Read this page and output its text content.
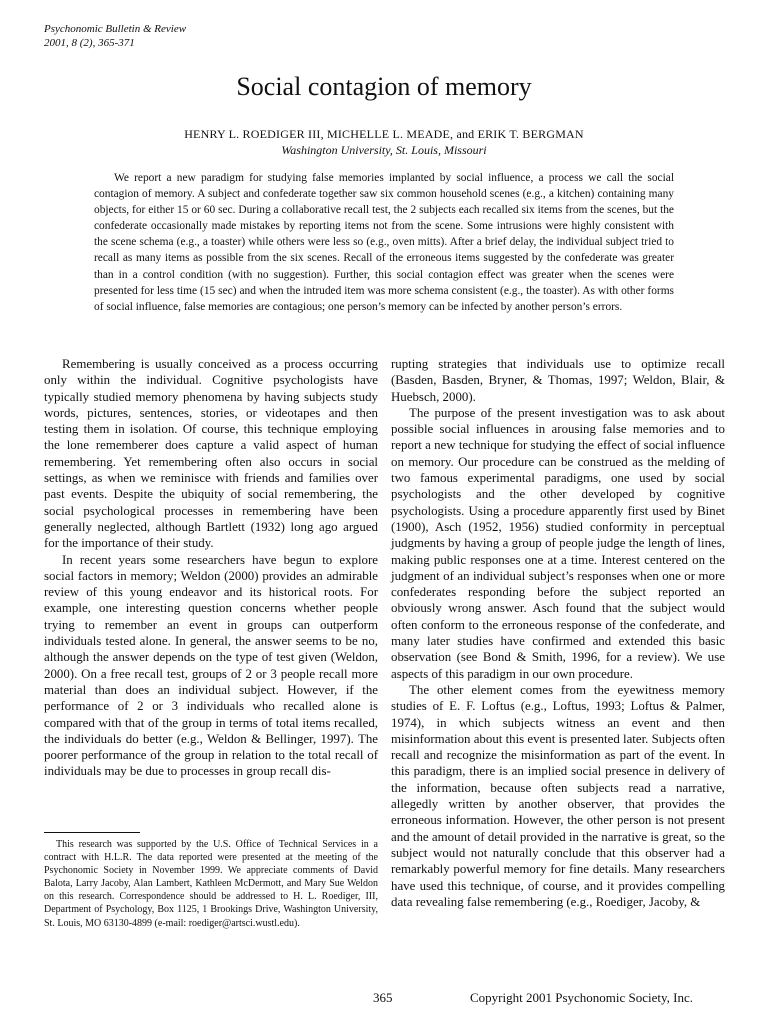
Psychonomic Bulletin & Review
2001, 8 (2), 365-371
Social contagion of memory
HENRY L. ROEDIGER III, MICHELLE L. MEADE, and ERIK T. BERGMAN
Washington University, St. Louis, Missouri
We report a new paradigm for studying false memories implanted by social influence, a process we call the social contagion of memory. A subject and confederate together saw six common household scenes (e.g., a kitchen) containing many objects, for either 15 or 60 sec. During a collaborative recall test, the 2 subjects each recalled six items from the scenes, but the confederate occasionally made mistakes by reporting items not from the scene. Some intrusions were highly consistent with the scene schema (e.g., a toaster) while others were less so (e.g., oven mitts). After a brief delay, the individual subject tried to recall as many items as possible from the six scenes. Recall of the erroneous items suggested by the confederate was greater than in a control condition (with no suggestion). Further, this social contagion effect was greater when the scenes were presented for less time (15 sec) and when the intruded item was more schema consistent (e.g., the toaster). As with other forms of social influence, false memories are contagious; one person’s memory can be infected by another person’s errors.

Remembering is usually conceived as a process occurring only within the individual. Cognitive psychologists have typically studied memory phenomena by having subjects study words, pictures, sentences, stories, or videotapes and then testing them in isolation. Of course, this technique employing the lone rememberer does capture a valid aspect of human remembering. Yet remembering often also occurs in social settings, as when we reminisce with friends and families over past events. Despite the ubiquity of social remembering, the social psychological processes in remembering have been generally neglected, although Bartlett (1932) long ago argued for the importance of their study.

In recent years some researchers have begun to explore social factors in memory; Weldon (2000) provides an admirable review of this young endeavor and its historical roots. For example, one interesting question concerns whether people trying to remember an event in groups can outperform individuals tested alone. In general, the answer seems to be no, although the answer depends on the type of test given (Weldon, 2000). On a free recall test, groups of 2 or 3 people recall more material than does an individual subject. However, if the performance of 2 or 3 individuals who recalled alone is compared with that of the group in terms of total items recalled, the individuals do better (e.g., Weldon & Bellinger, 1997). The poorer performance of the group in relation to the total recall of individuals may be due to processes in group recall dis-

rupting strategies that individuals use to optimize recall (Basden, Basden, Bryner, & Thomas, 1997; Weldon, Blair, & Huebsch, 2000).

The purpose of the present investigation was to ask about possible social influences in arousing false memories and to report a new technique for studying the effect of social influence on memory. Our procedure can be construed as the melding of two famous experimental paradigms, one used by social psychologists and the other developed by cognitive psychologists. Using a procedure apparently first used by Binet (1900), Asch (1952, 1956) studied conformity in perceptual judgments by having a group of people judge the length of lines, making public responses one at a time. Interest centered on the judgment of an individual subject’s responses when one or more confederates responding before the subject reported an obviously wrong answer. Asch found that the subject would often conform to the erroneous response of the confederate, and many later studies have confirmed and extended this basic observation (see Bond & Smith, 1996, for a review). We use aspects of this paradigm in our own procedure.

The other element comes from the eyewitness memory studies of E. F. Loftus (e.g., Loftus, 1993; Loftus & Palmer, 1974), in which subjects witness an event and then misinformation about this event is presented later. Subjects often recall and recognize the misinformation as part of the event. In this paradigm, there is an implied social presence in delivery of the information, because often subjects read a narrative, allegedly written by another observer, that provides the erroneous information. However, the other person is not present and the amount of detail provided in the narrative is great, so the subject would not naturally conclude that this observer had a remarkably powerful memory for fine details. Many researchers have used this technique, of course, and it provides compelling data revealing false remembering (e.g., Roediger, Jacoby, &

This research was supported by the U.S. Office of Technical Services in a contract with H.L.R. The data reported were presented at the meeting of the Psychonomic Society in November 1999. We appreciate comments of David Balota, Larry Jacoby, Alan Lambert, Kathleen McDermott, and Mary Sue Weldon on this research. Correspondence should be addressed to H. L. Roediger, III, Department of Psychology, Box 1125, 1 Brookings Drive, Washington University, St. Louis, MO 63130-4899 (e-mail: roediger@artsci.wustl.edu).
365	Copyright 2001 Psychonomic Society, Inc.
